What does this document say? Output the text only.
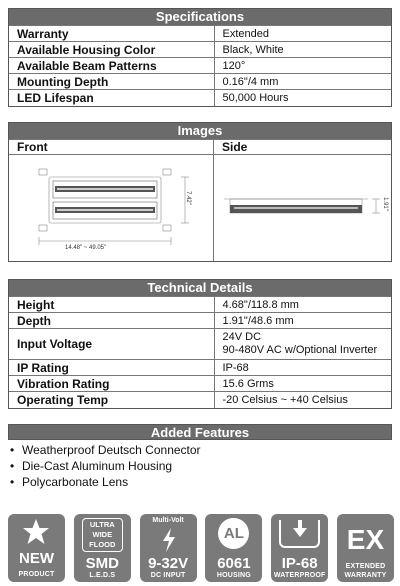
Specifications
Warranty	Extended
Available Housing Color	Black, White
Available Beam Patterns	120°
Mounting Depth	0.16"/4 mm
LED Lifespan	50,000 Hours
Images
Front	Side
14.48" ~ 49.05"
7.42"	1.91"
Technical Details
Height	4.68"/118.8 mm
Depth	1.91"/48.6 mm
Input Voltage	24V DC
90-480V AC w/Optional Inverter

IP Rating	IP-68
Vibration Rating	15.6 Grms
Operating Temp	-20 Celsius ~ +40 Celsius
Added Features
• Weatherproof Deutsch Connector
• Die-Cast Aluminum Housing
• Polycarbonate Lens
NEW
PRODUCT
ULTRA
WIDE
FLOOD
SMD
L.E.D.S
Multi-Volt
9-32V
DC INPUT
AL
6061
HOUSING
IP-68
WATERPROOF
EX
EXTENDED
WARRANTY
